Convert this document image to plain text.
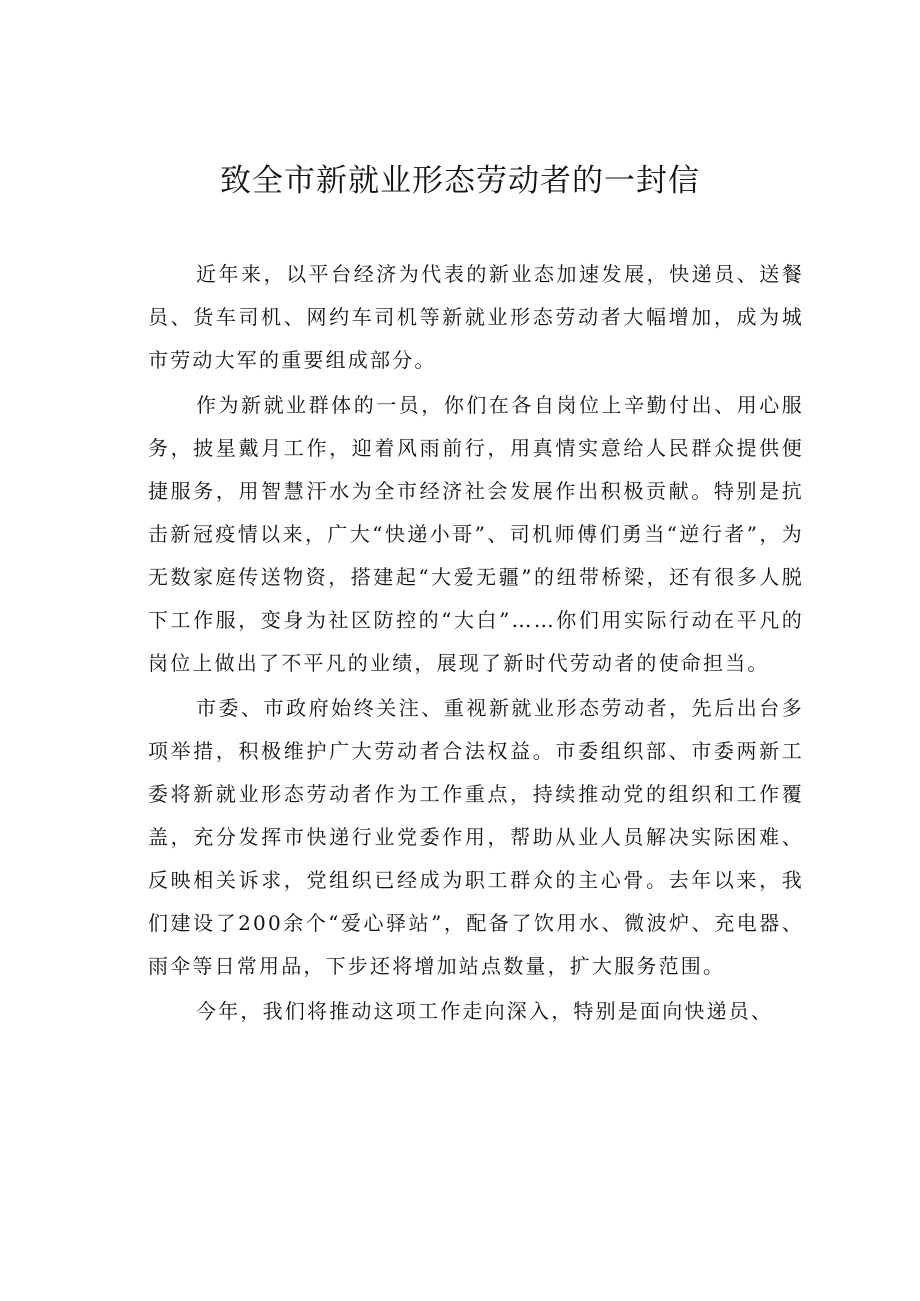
致全市新就业形态劳动者的一封信

近年来，以平台经济为代表的新业态加速发展，快递员、送餐员、货车司机、网约车司机等新就业形态劳动者大幅增加，成为城市劳动大军的重要组成部分。

作为新就业群体的一员，你们在各自岗位上辛勤付出、用心服务，披星戴月工作，迎着风雨前行，用真情实意给人民群众提供便捷服务，用智慧汗水为全市经济社会发展作出积极贡献。特别是抗击新冠疫情以来，广大“快递小哥”、司机师傅们勇当“逆行者”，为无数家庭传送物资，搭建起“大爱无疆”的纽带桥梁，还有很多人脱下工作服，变身为社区防控的“大白”……你们用实际行动在平凡的岗位上做出了不平凡的业绩，展现了新时代劳动者的使命担当。

市委、市政府始终关注、重视新就业形态劳动者，先后出台多项举措，积极维护广大劳动者合法权益。市委组织部、市委两新工委将新就业形态劳动者作为工作重点，持续推动党的组织和工作覆盖，充分发挥市快递行业党委作用，帮助从业人员解决实际困难、反映相关诉求，党组织已经成为职工群众的主心骨。去年以来，我们建设了200余个“爱心驿站”，配备了饮用水、微波炉、充电器、雨伞等日常用品，下步还将增加站点数量，扩大服务范围。

今年，我们将推动这项工作走向深入，特别是面向快递员、
